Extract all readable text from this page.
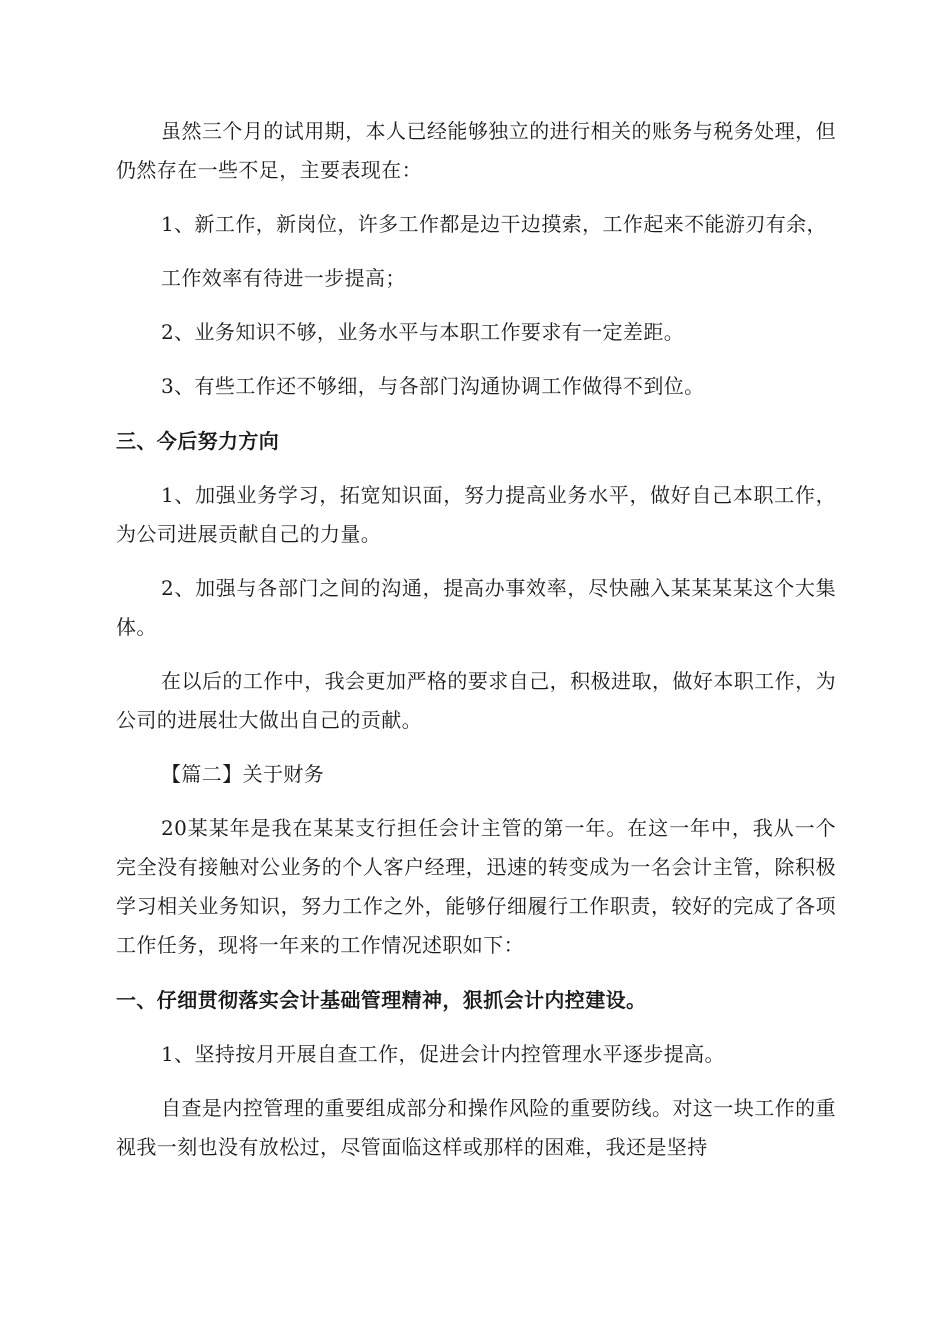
虽然三个月的试用期，本人已经能够独立的进行相关的账务与税务处理，但仍然存在一些不足，主要表现在：

1、新工作，新岗位，许多工作都是边干边摸索，工作起来不能游刃有余，

工作效率有待进一步提高；

2、业务知识不够，业务水平与本职工作要求有一定差距。

3、有些工作还不够细，与各部门沟通协调工作做得不到位。

三、今后努力方向

1、加强业务学习，拓宽知识面，努力提高业务水平，做好自己本职工作，为公司进展贡献自己的力量。

2、加强与各部门之间的沟通，提高办事效率，尽快融入某某某某这个大集体。

在以后的工作中，我会更加严格的要求自己，积极进取，做好本职工作，为公司的进展壮大做出自己的贡献。

【篇二】关于财务

20某某年是我在某某支行担任会计主管的第一年。在这一年中，我从一个完全没有接触对公业务的个人客户经理，迅速的转变成为一名会计主管，除积极学习相关业务知识，努力工作之外，能够仔细履行工作职责，较好的完成了各项工作任务，现将一年来的工作情况述职如下：

一、仔细贯彻落实会计基础管理精神，狠抓会计内控建设。

1、坚持按月开展自查工作，促进会计内控管理水平逐步提高。

自查是内控管理的重要组成部分和操作风险的重要防线。对这一块工作的重视我一刻也没有放松过，尽管面临这样或那样的困难，我还是坚持
